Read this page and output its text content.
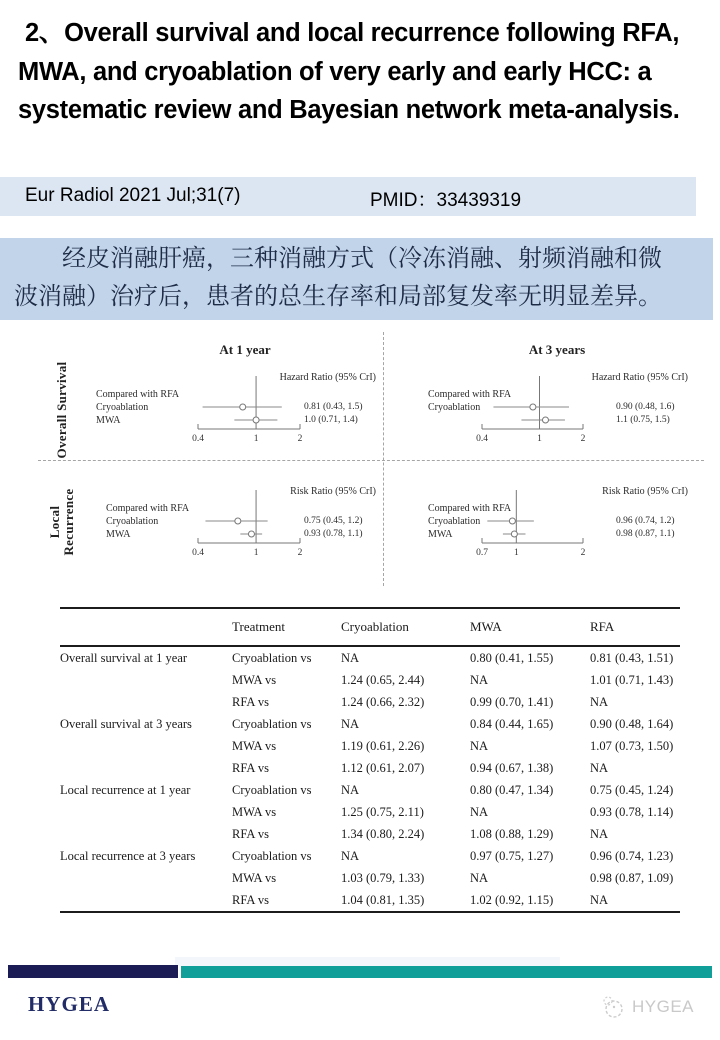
2、Overall survival and local recurrence following RFA, MWA, and cryoablation of very early and early HCC: a systematic review and Bayesian network meta-analysis.
Eur Radiol 2021 Jul;31(7)	PMID：33439319
经皮消融肝癌，三种消融方式（冷冻消融、射频消融和微
波消融）治疗后，患者的总生存率和局部复发率无明显差异。
Overall Survival
Local Recurrence
At 1 year
Hazard Ratio (95% CrI)
Compared with RFA
Cryoablation	0.81 (0.43, 1.5)
MWA	1.0 (0.71, 1.4)
0.4	1	2
At 3 years
Hazard Ratio (95% CrI)
Compared with RFA
Cryoablation	0.90 (0.48, 1.6)
1.1 (0.75, 1.5)
0.4	1	2
Risk Ratio (95% CrI)
Compared with RFA
Cryoablation	0.75 (0.45, 1.2)
MWA	0.93 (0.78, 1.1)
0.4	1	2
Risk Ratio (95% CrI)
Compared with RFA
Cryoablation	0.96 (0.74, 1.2)
MWA	0.98 (0.87, 1.1)
0.7	1	2
	Treatment	Cryoablation	MWA	RFA
Overall survival at 1 year	Cryoablation vs	NA	0.80 (0.41, 1.55)	0.81 (0.43, 1.51)
	MWA vs	1.24 (0.65, 2.44)	NA	1.01 (0.71, 1.43)
	RFA vs	1.24 (0.66, 2.32)	0.99 (0.70, 1.41)	NA
Overall survival at 3 years	Cryoablation vs	NA	0.84 (0.44, 1.65)	0.90 (0.48, 1.64)
	MWA vs	1.19 (0.61, 2.26)	NA	1.07 (0.73, 1.50)
	RFA vs	1.12 (0.61, 2.07)	0.94 (0.67, 1.38)	NA
Local recurrence at 1 year	Cryoablation vs	NA	0.80 (0.47, 1.34)	0.75 (0.45, 1.24)
	MWA vs	1.25 (0.75, 2.11)	NA	0.93 (0.78, 1.14)
	RFA vs	1.34 (0.80, 2.24)	1.08 (0.88, 1.29)	NA
Local recurrence at 3 years	Cryoablation vs	NA	0.97 (0.75, 1.27)	0.96 (0.74, 1.23)
	MWA vs	1.03 (0.79, 1.33)	NA	0.98 (0.87, 1.09)
	RFA vs	1.04 (0.81, 1.35)	1.02 (0.92, 1.15)	NA
HYGEA	HYGEA
